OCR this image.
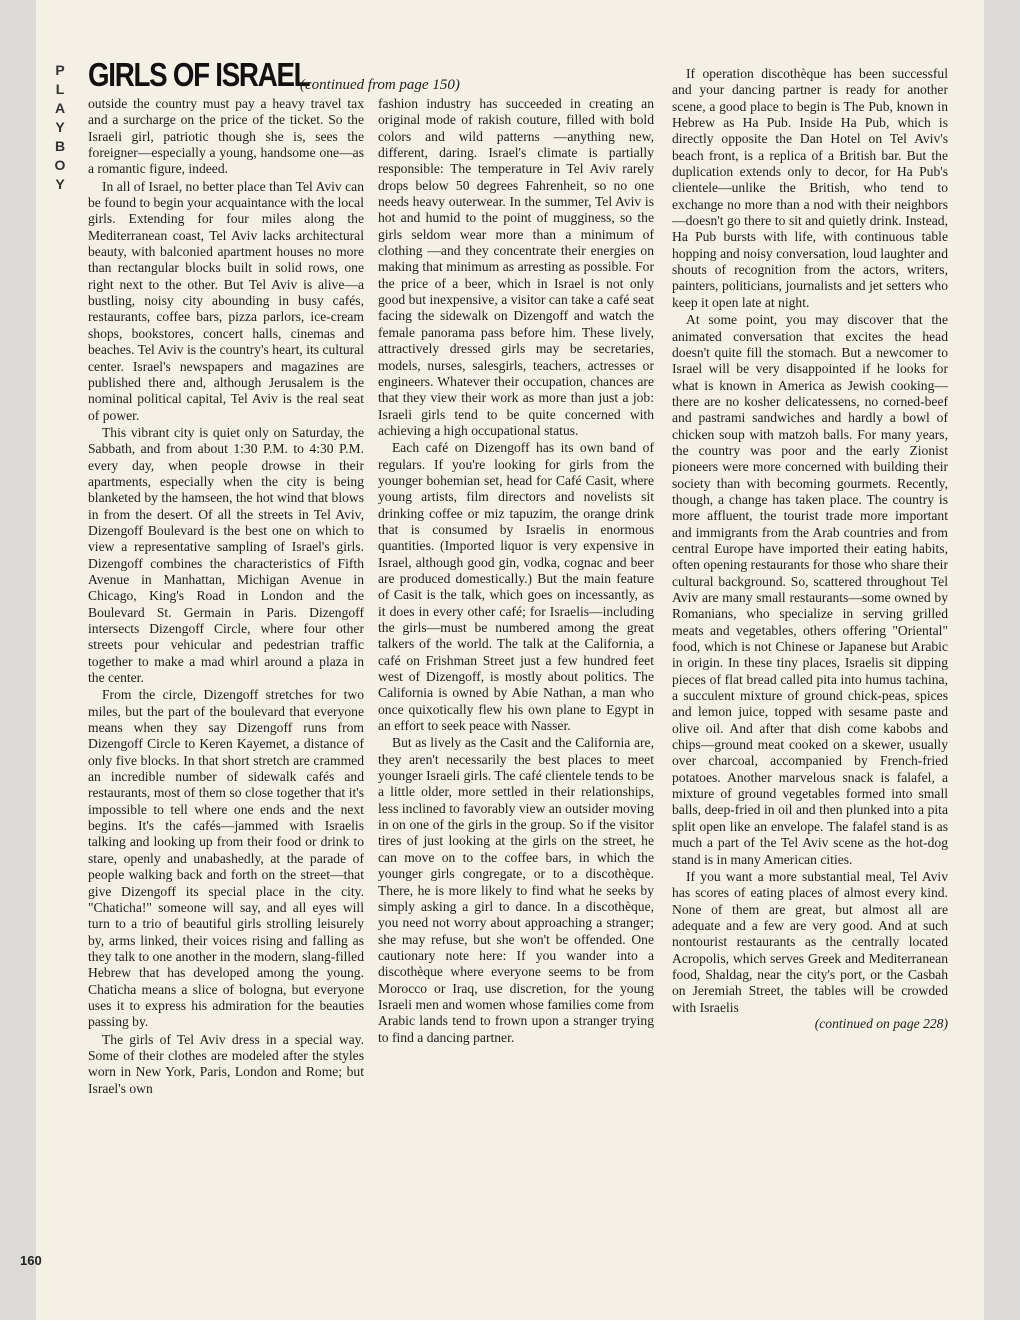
P
L
A
Y
B
O
Y
GIRLS OF ISRAEL
(continued from page 150)

outside the country must pay a heavy travel tax and a surcharge on the price of the ticket. So the Israeli girl, patriotic though she is, sees the foreigner—especially a young, handsome one—as a romantic figure, indeed.

In all of Israel, no better place than Tel Aviv can be found to begin your acquaintance with the local girls. Extending for four miles along the Mediterranean coast, Tel Aviv lacks architectural beauty, with balconied apartment houses no more than rectangular blocks built in solid rows, one right next to the other. But Tel Aviv is alive—a bustling, noisy city abounding in busy cafés, restaurants, coffee bars, pizza parlors, ice-cream shops, bookstores, concert halls, cinemas and beaches. Tel Aviv is the country's heart, its cultural center. Israel's newspapers and magazines are published there and, although Jerusalem is the nominal political capital, Tel Aviv is the real seat of power.

This vibrant city is quiet only on Saturday, the Sabbath, and from about 1:30 P.M. to 4:30 P.M. every day, when people drowse in their apartments, especially when the city is being blanketed by the hamseen, the hot wind that blows in from the desert. Of all the streets in Tel Aviv, Dizengoff Boulevard is the best one on which to view a representative sampling of Israel's girls. Dizengoff combines the characteristics of Fifth Avenue in Manhattan, Michigan Avenue in Chicago, King's Road in London and the Boulevard St. Germain in Paris. Dizengoff intersects Dizengoff Circle, where four other streets pour vehicular and pedestrian traffic together to make a mad whirl around a plaza in the center.

From the circle, Dizengoff stretches for two miles, but the part of the boulevard that everyone means when they say Dizengoff runs from Dizengoff Circle to Keren Kayemet, a distance of only five blocks. In that short stretch are crammed an incredible number of sidewalk cafés and restaurants, most of them so close together that it's impossible to tell where one ends and the next begins. It's the cafés—jammed with Israelis talking and looking up from their food or drink to stare, openly and unabashedly, at the parade of people walking back and forth on the street—that give Dizengoff its special place in the city. "Chaticha!" someone will say, and all eyes will turn to a trio of beautiful girls strolling leisurely by, arms linked, their voices rising and falling as they talk to one another in the modern, slang-filled Hebrew that has developed among the young. Chaticha means a slice of bologna, but everyone uses it to express his admiration for the beauties passing by.

The girls of Tel Aviv dress in a special way. Some of their clothes are modeled after the styles worn in New York, Paris, London and Rome; but Israel's own

fashion industry has succeeded in creating an original mode of rakish couture, filled with bold colors and wild patterns —anything new, different, daring. Israel's climate is partially responsible: The temperature in Tel Aviv rarely drops below 50 degrees Fahrenheit, so no one needs heavy outerwear. In the summer, Tel Aviv is hot and humid to the point of mugginess, so the girls seldom wear more than a minimum of clothing —and they concentrate their energies on making that minimum as arresting as possible. For the price of a beer, which in Israel is not only good but inexpensive, a visitor can take a café seat facing the sidewalk on Dizengoff and watch the female panorama pass before him. These lively, attractively dressed girls may be secretaries, models, nurses, salesgirls, teachers, actresses or engineers. Whatever their occupation, chances are that they view their work as more than just a job: Israeli girls tend to be quite concerned with achieving a high occupational status.

Each café on Dizengoff has its own band of regulars. If you're looking for girls from the younger bohemian set, head for Café Casit, where young artists, film directors and novelists sit drinking coffee or miz tapuzim, the orange drink that is consumed by Israelis in enormous quantities. (Imported liquor is very expensive in Israel, although good gin, vodka, cognac and beer are produced domestically.) But the main feature of Casit is the talk, which goes on incessantly, as it does in every other café; for Israelis—including the girls—must be numbered among the great talkers of the world. The talk at the California, a café on Frishman Street just a few hundred feet west of Dizengoff, is mostly about politics. The California is owned by Abie Nathan, a man who once quixotically flew his own plane to Egypt in an effort to seek peace with Nasser.

But as lively as the Casit and the California are, they aren't necessarily the best places to meet younger Israeli girls. The café clientele tends to be a little older, more settled in their relationships, less inclined to favorably view an outsider moving in on one of the girls in the group. So if the visitor tires of just looking at the girls on the street, he can move on to the coffee bars, in which the younger girls congregate, or to a discothèque. There, he is more likely to find what he seeks by simply asking a girl to dance. In a discothèque, you need not worry about approaching a stranger; she may refuse, but she won't be offended. One cautionary note here: If you wander into a discothèque where everyone seems to be from Morocco or Iraq, use discretion, for the young Israeli men and women whose families come from Arabic lands tend to frown upon a stranger trying to find a dancing partner.

If operation discothèque has been successful and your dancing partner is ready for another scene, a good place to begin is The Pub, known in Hebrew as Ha Pub. Inside Ha Pub, which is directly opposite the Dan Hotel on Tel Aviv's beach front, is a replica of a British bar. But the duplication extends only to decor, for Ha Pub's clientele—unlike the British, who tend to exchange no more than a nod with their neighbors—doesn't go there to sit and quietly drink. Instead, Ha Pub bursts with life, with continuous table hopping and noisy conversation, loud laughter and shouts of recognition from the actors, writers, painters, politicians, journalists and jet setters who keep it open late at night.

At some point, you may discover that the animated conversation that excites the head doesn't quite fill the stomach. But a newcomer to Israel will be very disappointed if he looks for what is known in America as Jewish cooking—there are no kosher delicatessens, no corned-beef and pastrami sandwiches and hardly a bowl of chicken soup with matzoh balls. For many years, the country was poor and the early Zionist pioneers were more concerned with building their society than with becoming gourmets. Recently, though, a change has taken place. The country is more affluent, the tourist trade more important and immigrants from the Arab countries and from central Europe have imported their eating habits, often opening restaurants for those who share their cultural background. So, scattered throughout Tel Aviv are many small restaurants—some owned by Romanians, who specialize in serving grilled meats and vegetables, others offering "Oriental" food, which is not Chinese or Japanese but Arabic in origin. In these tiny places, Israelis sit dipping pieces of flat bread called pita into humus tachina, a succulent mixture of ground chick-peas, spices and lemon juice, topped with sesame paste and olive oil. And after that dish come kabobs and chips—ground meat cooked on a skewer, usually over charcoal, accompanied by French-fried potatoes. Another marvelous snack is falafel, a mixture of ground vegetables formed into small balls, deep-fried in oil and then plunked into a pita split open like an envelope. The falafel stand is as much a part of the Tel Aviv scene as the hot-dog stand is in many American cities.

If you want a more substantial meal, Tel Aviv has scores of eating places of almost every kind. None of them are great, but almost all are adequate and a few are very good. And at such nontourist restaurants as the centrally located Acropolis, which serves Greek and Mediterranean food, Shaldag, near the city's port, or the Casbah on Jeremiah Street, the tables will be crowded with Israelis

(continued on page 228)

160
